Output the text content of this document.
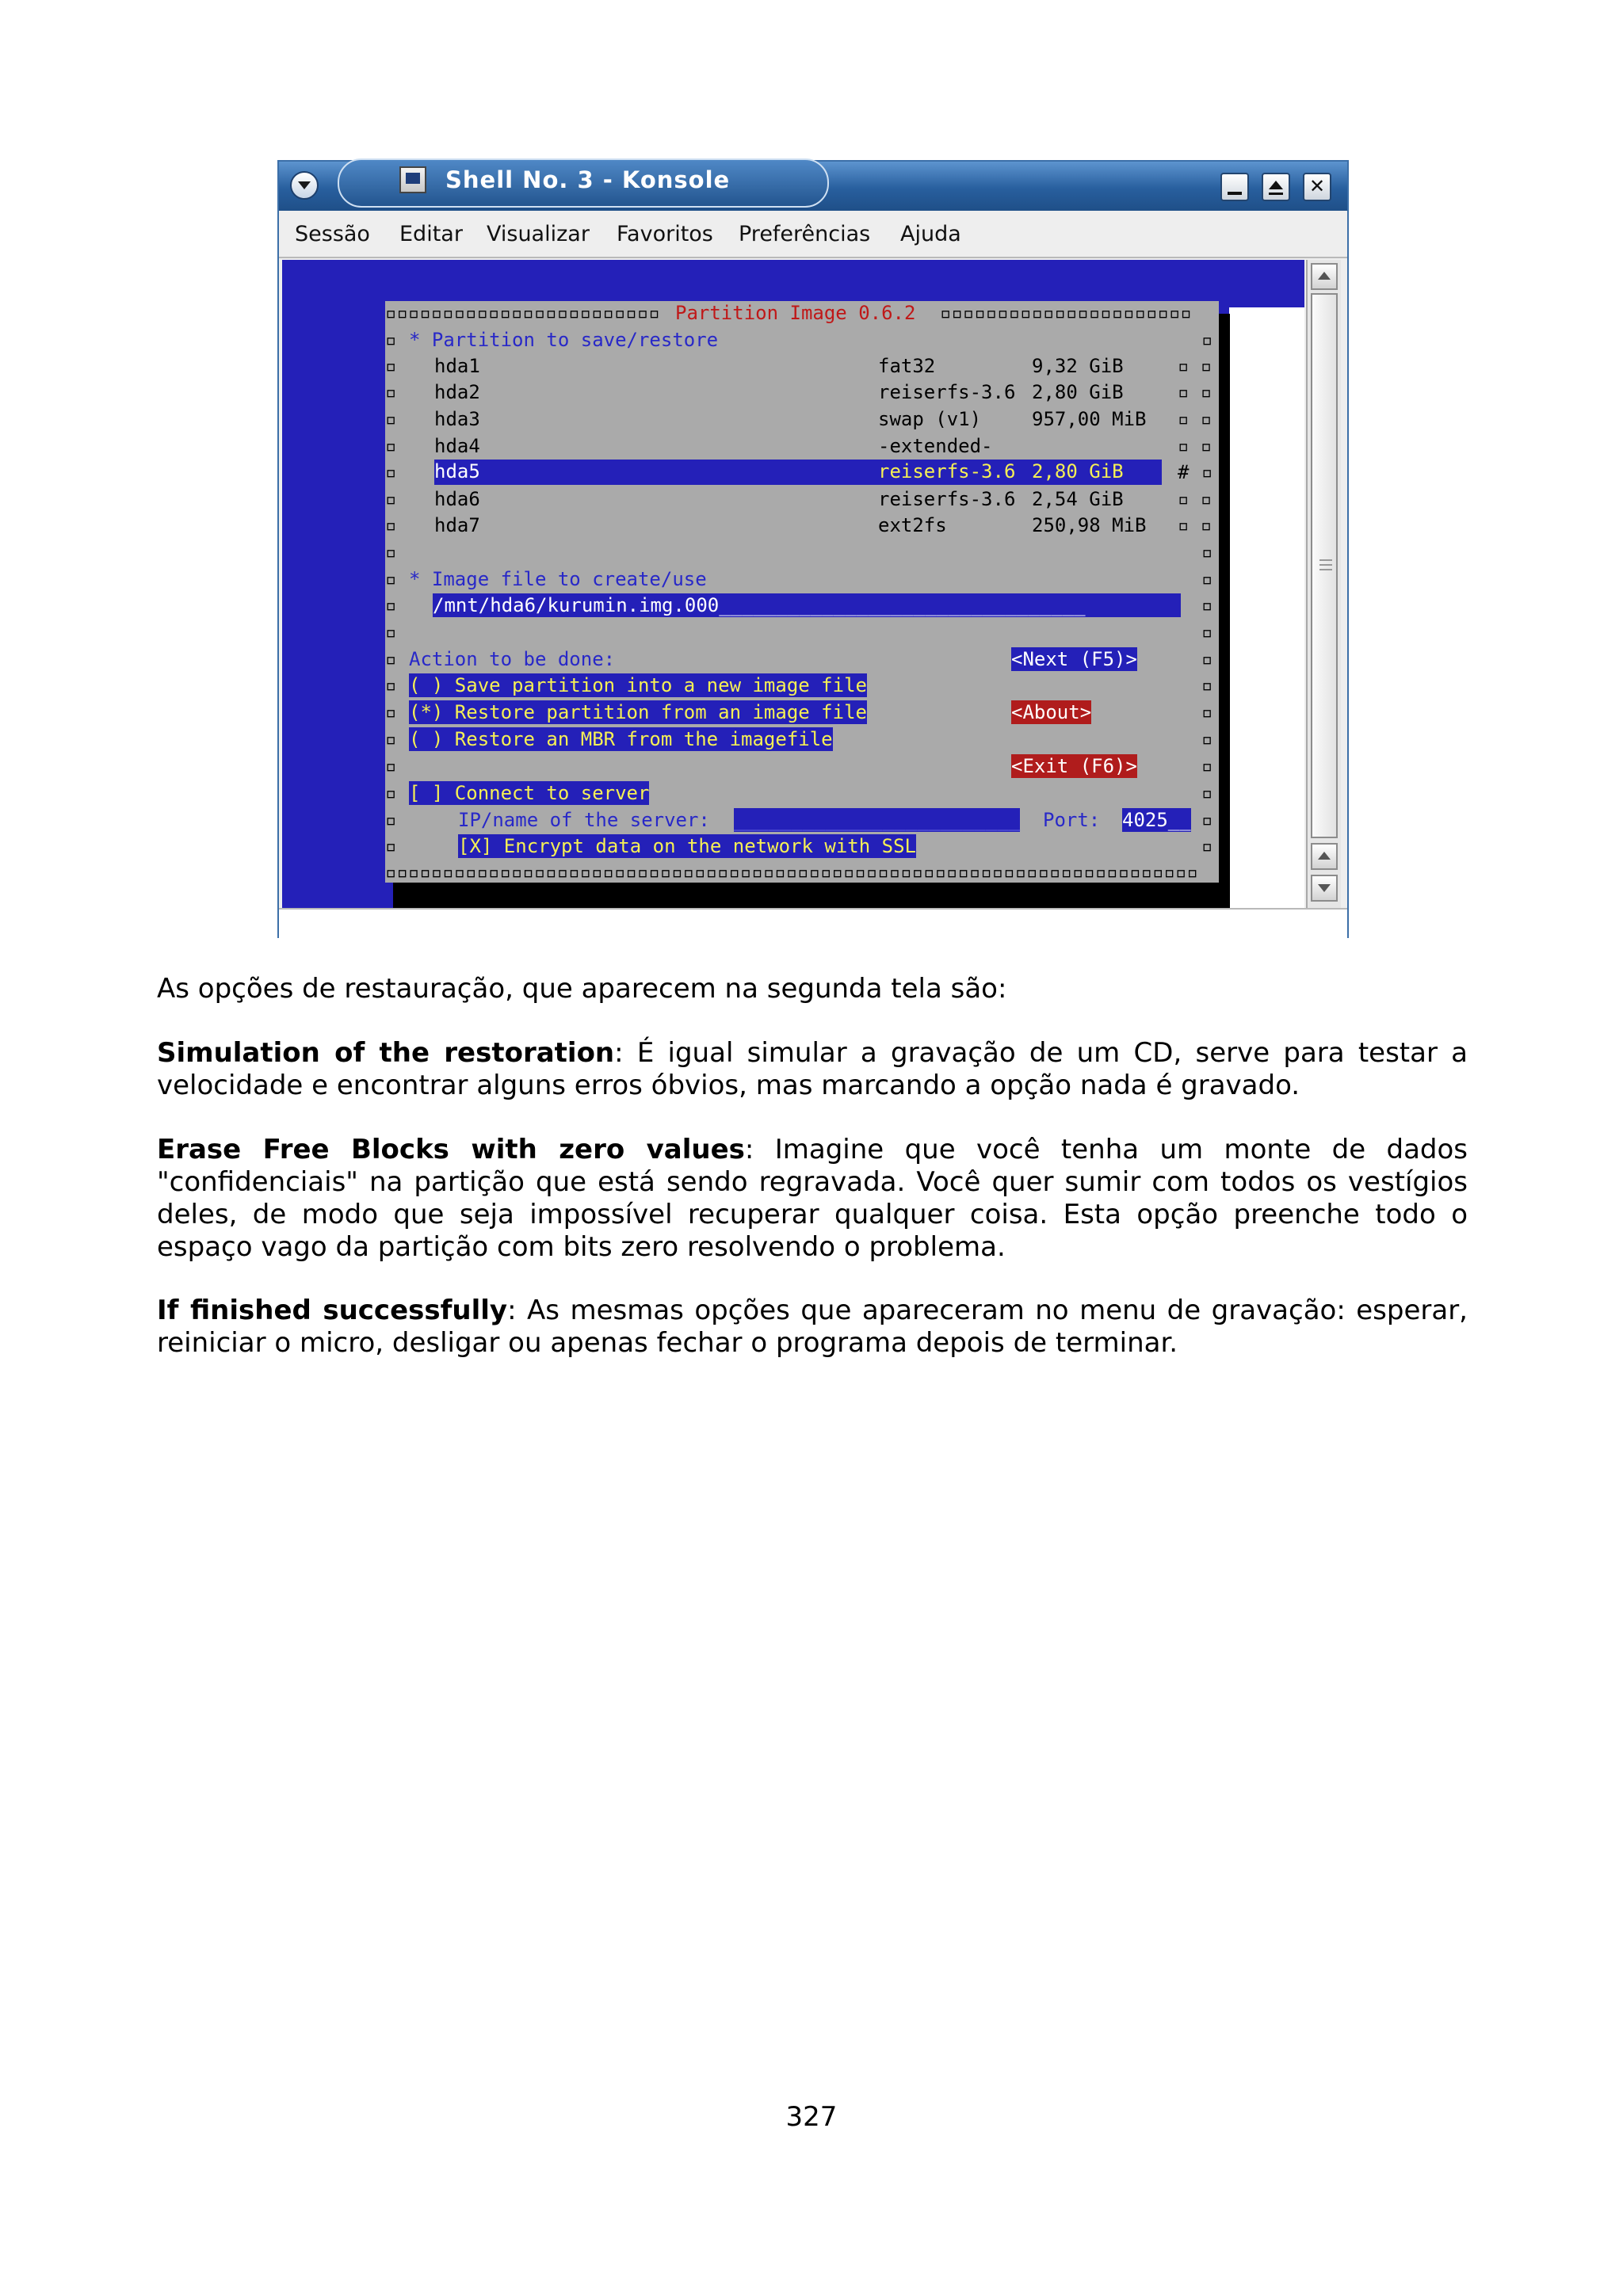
Shell No. 3 - Konsole	✕
Sessão Editar Visualizar Favoritos Preferências Ajuda
▫▫▫▫▫▫▫▫▫▫▫▫▫▫▫▫▫▫▫▫▫▫▫▫ Partition Image 0.6.2 ▫▫▫▫▫▫▫▫▫▫▫▫▫▫▫▫▫▫▫▫▫▫
* Partition to save/restore
hda1	fat32	9,32 GiB
hda2	reiserfs-3.6 2,80 GiB
hda3	swap (v1)	957,00 MiB
hda4	-extended-
hda5	reiserfs-3.6 2,80 GiB	#
hda6	reiserfs-3.6 2,54 GiB
hda7	ext2fs	250,98 MiB
* Image file to create/use
/mnt/hda6/kurumin.img.000________________________________
Action to be done:	<Next (F5)>
( ) Save partition into a new image file
(*) Restore partition from an image file	<About>
( ) Restore an MBR from the imagefile
<Exit (F6)>
[ ] Connect to server
IP/name of the server: _________________________ Port: 4025__
[X] Encrypt data on the network with SSL
▫▫▫▫▫▫▫▫▫▫▫▫▫▫▫▫▫▫▫▫▫▫▫▫▫▫▫▫▫▫▫▫▫▫▫▫▫▫▫▫▫▫▫▫▫▫▫▫▫▫▫▫▫▫▫▫▫▫▫▫▫▫▫▫▫▫▫▫▫▫▫
▫
▫
▫
▫
▫
▫
▫
▫
▫
▫
▫
▫
▫
▫
▫
▫
▫
▫
▫
▫
▫
▫ ▫
▫ ▫
▫ ▫
▫ ▫
▫
▫ ▫
▫ ▫
▫
▫
▫
▫
▫
▫
▫
▫
▫
▫
▫
▫

As opções de restauração, que aparecem na segunda tela são:

Simulation of the restoration: É igual simular a gravação de um CD, serve para testar a velocidade e encontrar alguns erros óbvios, mas marcando a opção nada é gravado.

Erase Free Blocks with zero values: Imagine que você tenha um monte de dados "confidenciais" na partição que está sendo regravada. Você quer sumir com todos os vestígios deles, de modo que seja impossível recuperar qualquer coisa. Esta opção preenche todo o espaço vago da partição com bits zero resolvendo o problema.

If finished successfully: As mesmas opções que apareceram no menu de gravação: esperar, reiniciar o micro, desligar ou apenas fechar o programa depois de terminar.

327
